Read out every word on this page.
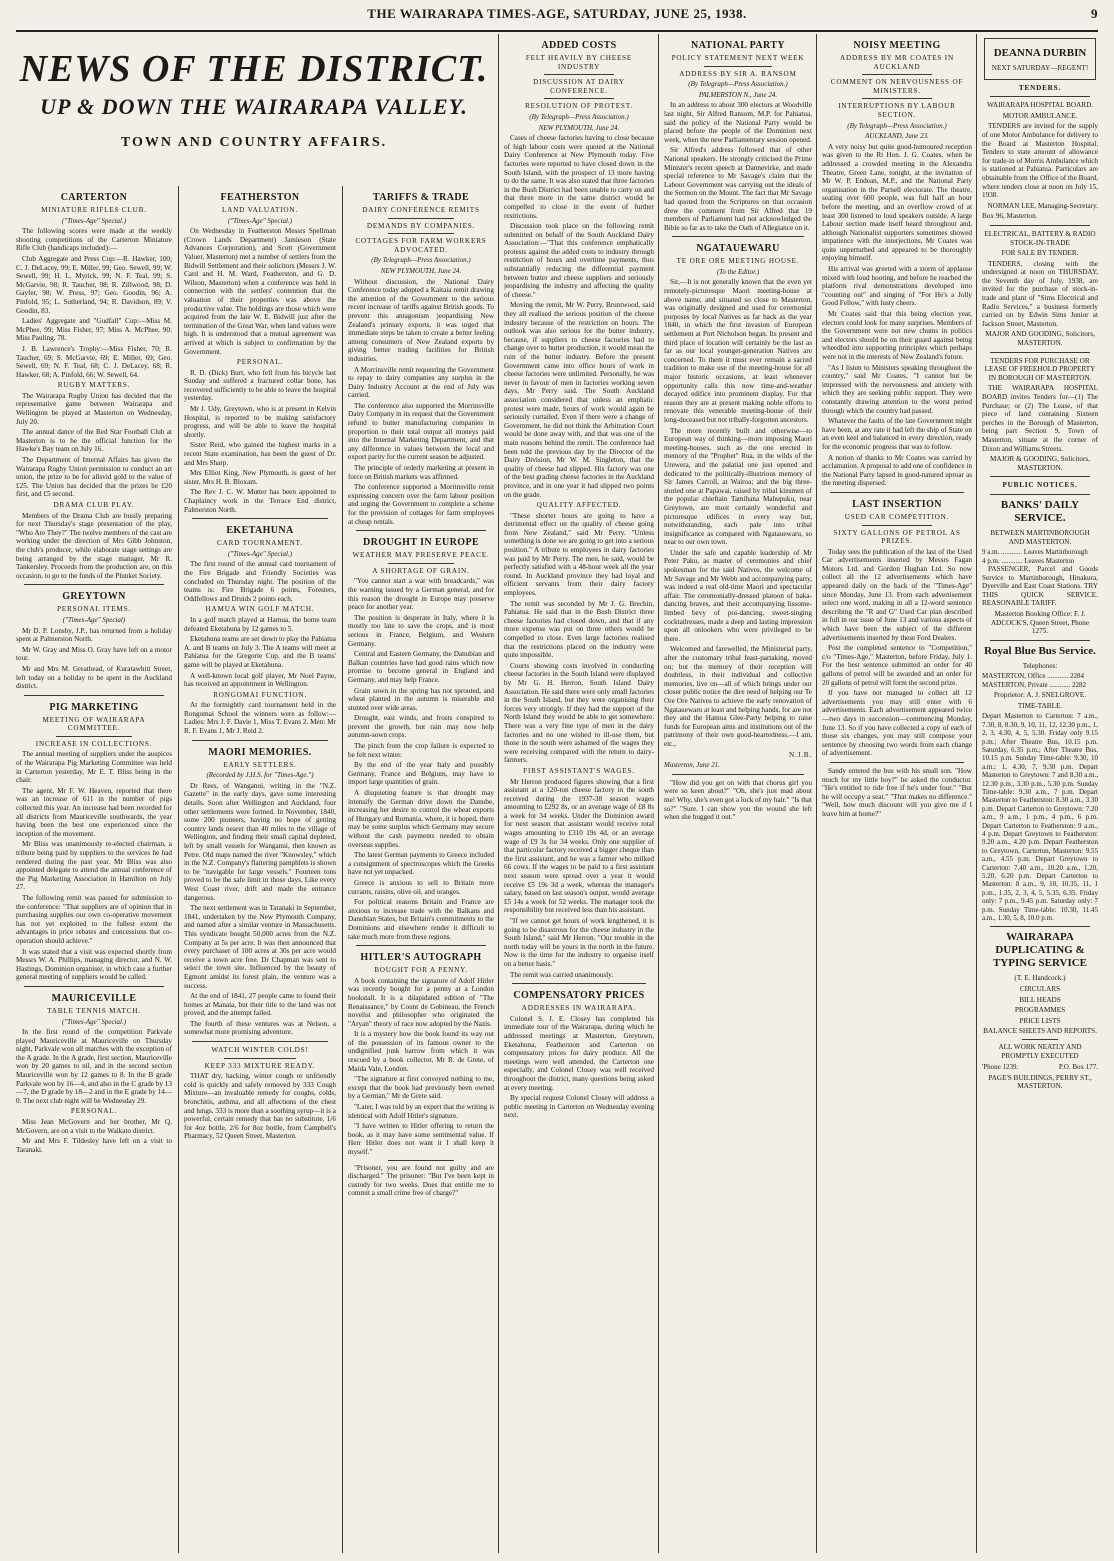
THE WAIRARAPA TIMES-AGE, SATURDAY, JUNE 25, 1938.	9
NEWS OF THE DISTRICT.
UP & DOWN THE WAIRARAPA VALLEY.
TOWN AND COUNTRY AFFAIRS.
CARTERTON
MINIATURE RIFLES CLUB.
("Times-Age" Special.)

The following scores were made at the weekly shooting competitions of the Carterton Miniature Rifle Club (handicaps included):—

Club Aggregate and Press Cup:—R. Hawker, 100; C. J. DeLacey, 99; E. Miller, 99; Geo. Sewell, 99; W. Sewell, 99; H. L. Myrick, 99; N. F. Teal, 99; S. McGarvie, 98; R. Taucher, 98; R. Zillwood, 98; D. Gayfer, 98; W. Press, 97; Geo. Goodin, 96; A. Pinfold, 95; L. Sutherland, 94; R. Davidson, 89; V. Goodin, 83.

Ladies' Aggregate and "Gudfall" Cup:—Miss M. McPhee, 99; Miss Fisher, 97; Miss A. McPhee, 90; Miss Pauling, 78.

J. B. Lawrence's Trophy:—Miss Fisher, 70; R. Taucher, 69; S. McGarvie, 69; E. Miller, 69; Geo. Sewell, 69; N. F. Teal, 68; C. J. DeLacey, 68; R. Hawker, 68; A. Pinfold, 66; W. Sewell, 64.

RUGBY MATTERS.

The Wairarapa Rugby Union has decided that the representative game between Wairarapa and Wellington be played at Masterton on Wednesday, July 20.

The annual dance of the Red Star Football Club at Masterton is to be the official function for the Hawke's Bay team on July 16.

The Department of Internal Affairs has given the Wairarapa Rugby Union permission to conduct an art union, the prize to be for allsvid gold to the value of £25. The Union has decided that the prizes be £20 first, and £5 second.

DRAMA CLUB PLAY.

Members of the Drama Club are busily preparing for next Thursday's stage presentation of the play, "Who Are They?" The twelve members of the cast are working under the direction of Mrs Gibb Johnston, the club's producer, while elaborate stage settings are being arranged by the stage manager, Mr R. Tankersley. Proceeds from the production are, on this occasion, to go to the funds of the Plunket Society.

GREYTOWN
PERSONAL ITEMS.
("Times-Age" Special)

Mr D. P. Lonsby, J.P., has returned from a holiday spent at Palmerston North.

Mr W. Gray and Miss O. Gray have left on a motor tour.

Mr and Mrs M. Greathead, of Kuratawhiti Street, left today on a holiday to be spent in the Auckland district.

PIG MARKETING
MEETING OF WAIRARAPA COMMITTEE.
INCREASE IN COLLECTIONS.

The annual meeting of suppliers under the auspices of the Wairarapa Pig Marketing Committee was held in Carterton yesterday, Mr E. T. Bliss being in the chair.

The agent, Mr F. W. Heaven, reported that there was an increase of 611 in the number of pigs collected this year. An increase had been recorded for all districts from Mauriceville southwards, the year having been the best one experienced since the inception of the movement.

Mr Bliss was unanimously re-elected chairman, a tribute being paid by suppliers to the services he had rendered during the past year. Mr Bliss was also appointed delegate to attend the annual conference of the Pig Marketing Association in Hamilton on July 27.

The following remit was passed for submission to the conference: "That suppliers are of opinion that in purchasing supplies our own co-operative movement has not yet exploited to the fullest extent the advantages in price rebates and concessions that co-operation should achieve."

It was stated that a visit was expected shortly from Messrs W. A. Phillips, managing director, and N. W. Hastings, Dominion organiser, in which case a further general meeting of suppliers would be called.

MAURICEVILLE
TABLE TENNIS MATCH.
("Times-Age" Special.)

In the first round of the competition Parkvale played Mauriceville at Mauriceville on Thursday night, Parkvale won all matches with the exception of the A grade. In the A grade, first section, Mauriceville won by 20 games to nil, and in the second section Mauriceville won by 12 games to 8. In the B grade Parkvale won by 16—4, and also in the C grade by 13—7, the D grade by 18—2 and in the E grade by 14—0. The next club night will be Wednesday 29.

PERSONAL.

Miss Jean McGovern and her brother, Mr Q. McGovern, are on a visit to the Waikato district.

Mr and Mrs F. Tildesley have left on a visit to Taranaki.

FEATHERSTON
LAND VALUATION.
("Times-Age" Special.)

On Wednesday in Featherston Messrs Spellman (Crown Lands Department) Jamieson (State Advances Corporation), and Scott (Government Valuer, Masterton) met a number of settlers from the Bidwill Settlement and their solicitors (Messrs J. W. Card and H. M. Ward, Featherston, and G. D. Wilson, Masterton) when a conference was held in connection with the settlers' contention that the valuation of their properties was above the productive value. The holdings are those which were acquired from the late W. E. Bidwill just after the termination of the Great War, when land values were high. It is understood that a mutual agreement was arrived at which is subject to confirmation by the Government.

PERSONAL.

R. D. (Dick) Burt, who fell from his bicycle last Sunday and suffered a fractured collar bone, has recovered sufficiently to be able to leave the hospital yesterday.

Mr J. Udy, Greytown, who is at present in Kelvin Hospital, is reported to be making satisfactory progress, and will be able to leave the hospital shortly.

Sister Reid, who gained the highest marks in a recent State examination, has been the guest of Dr. and Mrs Sharp.

Mrs Elliot King, New Plymouth, is guest of her sister, Mrs H. B. Bloxam.

The Rev J. C. W. Mutter has been appointed to Chaplaincy work in the Terrace End district, Palmerston North.

EKETAHUNA
CARD TOURNAMENT.
("Times-Age" Special.)

The first round of the annual card tournament of the Fire Brigade and Friendly Societies was concluded on Thursday night. The position of the teams is: Fire Brigade 6 points, Foresters, Oddfellows and Druids 2 points each.

HAMUA WIN GOLF MATCH.

In a golf match played at Hamua, the home team defeated Eketahuna by 12 games to 5.

Eketahuna teams are set down to play the Pahiatua A. and B teams on July 3. The A teams will meet at Pahiatua for the Gregorie Cup, and the B teams' game will be played at Eketahuna.

A well-known local golf player, Mr Noel Payne, has received an appointment in Wellington.

RONGOMAI FUNCTION.

At the fortnightly card tournament held in the Rongomai School the winners were as follow:—Ladies: Mrs J. F. Davie 1, Miss T. Evans 2. Men: Mr R. F. Evans 1, Mr J. Reid 2.

MAORI MEMORIES.
EARLY SETTLERS.
(Recorded by J.H.S. for "Times-Age.")

Dr Rees, of Wanganui, writing in the "N.Z. Gazette" in the early days, gave some interesting details. Soon after Wellington and Auckland, four other settlements were formed. In November, 1840, some 200 pioneers, having no hope of getting country lands nearer than 40 miles to the village of Wellington, and finding their small capital depleted, left by small vessels for Wanganui, then known as Petre. Old maps named the river "Knowsley," which in the N.Z. Company's flattering pamphlets is shown to be "navigable for large vessels." Fourteen tons proved to be the safe limit in those days. Like every West Coast river, drift and made the entrance dangerous.

The next settlement was in Taranaki in September, 1841, undertaken by the New Plymouth Company, and named after a similar venture in Massachusetts. This syndicate bought 50,000 acres from the N.Z. Company at 5s per acre. It was then announced that every purchaser of 100 acres at 30s per acre would receive a town acre free. Dr Chapman was sent to select the town site. Influenced by the beauty of Egmont amidst its forest plain, the venture was a success.

At the end of 1841, 27 people came to found their homes at Manaia, but their title to the land was not proved, and the attempt failed.

The fourth of these ventures was at Nelson, a somewhat more promising adventure.

WATCH WINTER COLDS!
KEEP 333 MIXTURE READY.

THAT dry, hacking, winter cough or unfriendly cold is quickly and safely removed by 333 Cough Mixture—an invaluable remedy for coughs, colds, bronchitis, asthma, and all affections of the chest and lungs. 333 is more than a soothing syrup—it is a powerful, certain remedy that has no substitute. 1/6 for 4oz bottle, 2/6 for 8oz bottle, from Campbell's Pharmacy, 52 Queen Street, Masterton.

TARIFFS & TRADE
DAIRY CONFERENCE REMITS
DEMANDS BY COMPANIES.
COTTAGES FOR FARM WORKERS ADVOCATED.
(By Telegraph—Press Association.)
NEW PLYMOUTH, June 24.

Without discussion, the National Dairy Conference today adopted a Kaitaia remit drawing the attention of the Government to the serious recent increase of tariffs against British goods. To prevent this antagonism jeopardising New Zealand's primary exports, it was urged that immediate steps be taken to create a better feeling among consumers of New Zealand exports by giving better trading facilities for British industries.

A Morrinsville remit requesting the Government to repay to dairy companies any surplus in the Dairy Industry Account at the end of July was carried.

The conference also supported the Morrinsville Dairy Company in its request that the Government refund to butter manufacturing companies in proportion to their total output all moneys paid into the Internal Marketing Department, and that any difference in values between the local and export parity for the current season be adjusted.

The principle of orderly marketing at present in force on British markets was affirmed.

The conference supported a Morrinsville remit expressing concern over the farm labour position and urging the Government to complete a scheme for the provision of cottages for farm employees at cheap rentals.

DROUGHT IN EUROPE
WEATHER MAY PRESERVE PEACE.
A SHORTAGE OF GRAIN.

"You cannot start a war with breadcards," was the warning issued by a German general, and for this reason the drought in Europe may preserve peace for another year.

The position is desperate in Italy, where it is mostly too late to save the crops, and is most serious in France, Belgium, and Western Germany.

Central and Eastern Germany, the Danubian and Balkan countries have had good rains which now promise to become general in England and Germany, and may help France.

Grain sown in the spring has not sprouted, and wheat planted in the autumn is miserable and stunted over wide areas.

Drought, east winds, and frosts conspired to prevent the growth, but rain may now help autumn-sown crops.

The pinch from the crop failure is expected to be felt next winter.

By the end of the year Italy and possibly Germany, France and Belgium, may have to import large quantities of grain.

A disquieting feature is that drought may intensify the German drive down the Danube, increasing her desire to control the wheat exports of Hungary and Rumania, where, it is hoped, there may be some surplus which Germany may secure without the cash payments needed to obtain overseas supplies.

The latest German payments to Greece included a consignment of spectroscopes which the Greeks have not yet unpacked.

Greece is anxious to sell to Britain more currants, raisins, olive oil, and oranges.

For political reasons Britain and France are anxious to increase trade with the Balkans and Danubian States, but Britain's commitments to the Dominions and elsewhere render it difficult to take much more from these regions.

HITLER'S AUTOGRAPH
BOUGHT FOR A PENNY.

A book containing the signature of Adolf Hitler was recently bought for a penny at a London bookstall. It is a dilapidated edition of "The Renaissance," by Count de Gobineau, the French novelist and philosopher who originated the "Aryan" theory of race now adopted by the Nazis.

It is a mystery how the book found its way out of the possession of its famous owner to the undignified junk barrow from which it was rescued by a book collector, Mr R. de Grete, of Maida Vale, London.

"The signature at first conveyed nothing to me, except that the book had previously been owned by a German," Mr de Grete said.

"Later, I was told by an expert that the writing is identical with Adolf Hitler's signature.

"I have written to Hitler offering to return the book, as it may have some sentimental value. If Herr Hitler does not want it I shall keep it myself."

"Prisoner, you are found not guilty and are discharged." The prisoner: "But I've been kept in custody for two weeks. Does that entitle me to commit a small crime free of charge?"

ADDED COSTS
FELT HEAVILY BY CHEESE INDUSTRY
DISCUSSION AT DAIRY CONFERENCE.
RESOLUTION OF PROTEST.
(By Telegraph—Press Association.)
NEW PLYMOUTH, June 24.

Cases of cheese factories having to close because of high labour costs were quoted at the National Dairy Conference at New Plymouth today. Five factories were reported to have closed down in the South Island, with the prospect of 13 more having to do the same. It was also stated that three factories in the Bush District had been unable to carry on and that three more in the same district would be compelled to close in the event of further restrictions.

Discussion took place on the following remit submitted on behalf of the South Auckland Dairy Association:—"That this conference emphatically protests against the added costs to industry through restriction of hours and overtime payments, thus substantially reducing the differential payment between butter and cheese suppliers and seriously jeopardising the industry and affecting the quality of cheese."

Moving the remit, Mr W. Perry, Bruntwood, said they all realised the serious position of the cheese industry because of the restriction on hours. The outlook was also serious for the butter industry, because, if suppliers to cheese factories had to change over to butter production, it would mean the ruin of the butter industry. Before the present Government came into office hours of work in cheese factories were unlimited. Personally, he was never in favour of men in factories working seven days, Mr Perry said. The South Auckland association considered that unless an emphatic protest were made, hours of work would again be seriously curtailed. Even if there were a change of Government, he did not think the Arbitration Court would be done away with, and that was one of the main reasons behind the remit. The conference had been told the previous day by the Director of the Dairy Division, Mr W. M. Singleton, that the quality of cheese had slipped. His factory was one of the best grading cheese factories in the Auckland province, and in one year it had slipped two points on the grade.

QUALITY AFFECTED.

"These shorter hours are going to have a detrimental effect on the quality of cheese going from New Zealand," said Mr Perry. "Unless something is done we are going to get into a serious position." A tribute to employees in dairy factories was paid by Mr Perry. The men, he said, would be perfectly satisfied with a 48-hour week all the year round. In Auckland province they had loyal and efficient servants from their dairy factory employees.

The remit was seconded by Mr J. G. Brechin, Pahiatua. He said that in the Bush District three cheese factories had closed down, and that if any more expense was put on three others would be compelled to close. Even large factories realised that the restrictions placed on the industry were quite impossible.

Courts showing costs involved in conducting cheese factories in the South Island were displayed by Mr G. H. Herron, South Island Dairy Association. He said there were only small factories in the South Island, but they were organising their forces very strongly. If they had the support of the North Island they would be able to get somewhere. There was a very fine type of men in the dairy factories and no one wished to ill-use them, but those in the south were ashamed of the wages they were receiving compared with the return to dairy-farmers.

FIRST ASSISTANT'S WAGES.

Mr Herron produced figures showing that a first assistant at a 120-ton cheese factory in the south received during the 1937-38 season wages amounting to £292 8s, or an average wage of £8 8s a week for 34 weeks. Under the Dominion award for next season that assistant would receive total wages amounting to £310 19s 4d, or an average wage of £9 3s for 34 weeks. Only one supplier of that particular factory received a bigger cheque than the first assistant, and he was a farmer who milked 66 cows. If the wages to be paid to a first assistant next season were spread over a year it would receive £5 19s 3d a week, whereas the manager's salary, based on last season's output, would average £5 14s a week for 52 weeks. The manager took the responsibility but received less than his assistant.

"If we cannot get hours of work lengthened, it is going to be disastrous for the cheese industry in the South Island," said Mr Herron. "Our trouble in the north today will be yours in the north in the future. Now is the time for the industry to organise itself on a better basis."

The remit was carried unanimously.

COMPENSATORY PRICES
ADDRESSES IN WAIRARAPA.

Colonel S. J. E. Closey has completed his immediate tour of the Wairarapa, during which he addressed meetings at Masterton, Greytown, Eketahuna, Featherston and Carterton on compensatory prices for dairy produce. All the meetings were well attended, the Carterton one especially, and Colonel Closey was well received throughout the district, many questions being asked at every meeting.

By special request Colonel Closey will address a public meeting in Carterton on Wednesday evening next.

NATIONAL PARTY
POLICY STATEMENT NEXT WEEK
ADDRESS BY SIR A. RANSOM
(By Telegraph—Press Association.)
PALMERSTON N., June 24.

In an address to about 300 electors at Woodville last night, Sir Alfred Ransom, M.P. for Pahiatua, said the policy of the National Party would be placed before the people of the Dominion next week, when the new Parliamentary session opened.

Sir Alfred's address followed that of other National speakers. He strongly criticised the Prime Minister's recent speech at Dannevirke, and made special reference to Mr Savage's claim that the Labour Government was carrying out the ideals of the Sermon on the Mount. The fact that Mr Savage had quoted from the Scriptures on that occasion drew the comment from Sir Alfred that 19 members of Parliament had not acknowledged the Bible so far as to take the Oath of Allegiance on it.

NGATAUEWARU
TE ORE ORE MEETING HOUSE.
(To the Editor.)

Sir,—It is not generally known that the even yet remotely-picturesque Maori meeting-house at above name, and situated so close to Masterton, was originally designed and used for ceremonial purposes by local Natives as far back as the year 1840, in which the first invasion of European settlement at Port Nicholson began. Its present and third place of location will certainly be the last as far as our local younger-generation Natives are concerned. To them it must ever remain a sacred tradition to make use of the meeting-house for all major historic occasions, at least whenever opportunity calls this now time-and-weather decayed edifice into prominent display. For that reason they are at present making noble efforts to renovate this venerable meeting-house of their long-deceased but not tribally-forgotten ancestors.

The more recently built and otherwise—to European way of thinking—more imposing Maori meeting-houses, such as the one erected in memory of the "Prophet" Rua, in the wilds of the Urewera, and the palatial one just opened and dedicated to the politically-illustrious memory of Sir James Carroll, at Wairoa; and the big three-storied one at Papawai, raised by tribal kinsmen of the popular chieftain Tamihana Mahupuku, near Greytown, are most certainly wonderful and picturesque edifices in every way but, notwithstanding, each pale into tribal insignificance as compared with Ngatauewaru, so near to our own town.

Under the safe and capable leadership of Mr Peter Paku, as master of ceremonies and chief spokesman for the said Natives, the welcome of Mr Savage and Mr Webb and accompanying party, was indeed a real old-time Maori and spectacular affair. The ceremonially-dressed platoon of haka-dancing braves, and their accompanying lissome-limbed bevy of poi-dancing, sweet-singing cocktailresses, made a deep and lasting impression upon all onlookers who were privileged to be there.

Welcomed and farewelled, the Ministerial party, after the customary tribal feast-partaking, moved on; but the memory of their reception will doubtless, in their individual and collective memories, live on—all of which brings under our closer public notice the dire need of helping our Te Ore Ore Natives to achieve the early renovation of Ngatauewaru at least and helping hands, for are not they and the Hamua Glee-Party helping to raise funds for European aims and institutions out of the patrimony of their own good-heartedness.—I am, etc.,

N.J.B.
Masterton, June 21.

"How did you get on with that chorus girl you were so keen about?" "Oh, she's just mad about me! Why, she's even got a lock of my hair." "Is that so?" "Sure. I can show you the wound she left when she hugged it out."

NOISY MEETING
ADDRESS BY MR COATES IN AUCKLAND
COMMENT ON NERVOUSNESS OF MINISTERS.
INTERRUPTIONS BY LABOUR SECTION.
(By Telegraph—Press Association.)
AUCKLAND, June 23.

A very noisy but quite good-humoured reception was given to the Rt Hon. J. G. Coates, when he addressed a crowded meeting in the Alexandra Theatre, Green Lane, tonight, at the invitation of Mr W. P. Endean, M.P., and the National Party organisation in the Parnell electorate. The theatre, seating over 600 people, was full half an hour before the meeting, and an overflow crowd of at least 300 listened to loud speakers outside. A large Labour section made itself heard throughout and, although Nationalist supporters sometimes showed impatience with the interjections, Mr Coates was quite unperturbed and appeared to be thoroughly enjoying himself.

His arrival was greeted with a storm of applause mixed with loud hooting, and before he reached the platform rival demonstrations developed into "counting out" and singing of "For He's a Jolly Good Fellow," with lusty cheers.

Mr Coates said that this being election year, electors could look for many surprises. Members of the Government were not new chums in politics and electors should be on their guard against being wheedled into supporting principles which perhaps were not in the interests of New Zealand's future.

"As I listen to Ministers speaking throughout the country," said Mr Coates, "I cannot but be impressed with the nervousness and anxiety with which they are seeking public support. They were constantly drawing attention to the worst period through which the country had passed.

Whatever the faults of the late Government might have been, at any rate it had left the ship of State on an even keel and balanced in every direction, ready for the economic progress that was to follow.

A notion of thanks to Mr Coates was carried by acclamation. A proposal to add one of confidence in the National Party lapsed in good-natured uproar as the meeting dispersed.

LAST INSERTION
USED CAR COMPETITION.
SIXTY GALLONS OF PETROL AS PRIZES.

Today sees the publication of the last of the Used Car advertisements inserted by Messrs Fagan Motors Ltd. and Gordon Hughan Ltd. So now collect all the 12 advertisements which have appeared daily on the back of the "Times-Age" since Monday, June 13. From each advertisement select one word, making in all a 12-word sentence describing the "R and G" Used Car plan described in full in our issue of June 13 and various aspects of which have been the subject of the different advertisements inserted by these Ford Dealers.

Post the completed sentence to "Competition," c/o "Times-Age," Masterton, before Friday, July 1. For the best sentence submitted an order for 40 gallons of petrol will be awarded and an order for 20 gallons of petrol will form the second prize.

If you have not managed to collect all 12 advertisements you may still enter with 6 advertisements. Each advertisement appeared twice—two days in succession—commencing Monday, June 13. So if you have collected a copy of each of those six changes, you may still compose your sentence by choosing two words from each change of advertisement.

Sandy entered the bus with his small son. "How much for my little boy?" he asked the conductor. "He's entitled to ride free if he's under four." "But he will occupy a seat." "That makes no difference." "Well, how much discount will you give me if I leave him at home?"

DEANNA DURBIN
NEXT SATURDAY—REGENT!
TENDERS.
WAIRARAPA HOSPITAL BOARD.
MOTOR AMBULANCE.

TENDERS are invited for the supply of one Motor Ambulance for delivery to the Board at Masterton Hospital. Tenders to state amount of allowance for trade-in of Morris Ambulance which is stationed at Pahiatua. Particulars are obtainable from the Office of the Board, where tenders close at noon on July 15, 1938.

NORMAN LEE, Managing-Secretary.
Box 96, Masterton.
ELECTRICAL, BATTERY & RADIO STOCK-IN-TRADE
FOR SALE BY TENDER.

TENDERS, closing with the undersigned at noon on THURSDAY, the Seventh day of July, 1938, are invited for the purchase of stock-in-trade and plant of "Sims Electrical and Radio Services," a business formerly carried on by Edwin Sims Junior at Jackson Street, Masterton.

MAJOR AND GOODING, Solicitors, MASTERTON.
TENDERS FOR PURCHASE OR LEASE OF FREEHOLD PROPERTY IN BOROUGH OF MASTERTON.

THE WAIRARAPA HOSPITAL BOARD invites Tenders for—(1) The Purchase; or (2) The Lease, of that piece of land containing Sixteen perches in the Borough of Masterton, being part Section 9, Town of Masterton, situate at the corner of Dixon and Williams Streets.

MAJOR & GOODING, Solicitors, MASTERTON.
PUBLIC NOTICES.
BANKS' DAILY SERVICE.
BETWEEN MARTINBOROUGH AND MASTERTON.
9 a.m. ............ Leaves Martinborough
4 p.m. ............ Leaves Masterton

PASSENGER, Parcel and Goods Service to Martinborough, Hinakura, Dyerville and East Coast Stations. TRY THIS QUICK SERVICE. REASONABLE TARIFF.

Masterton Booking Office: F. J. ADCOCK'S, Queen Street, Phone 1275.
Royal Blue Bus Service.
Telephones:
MASTERTON, Office ............ 2284
MASTERTON, Private ............ 2282
Proprietor: A. J. SNELGROVE.
TIME-TABLE.
Depart Masterton to Carterton: 7 a.m., 7.30, 8, 8.30, 9, 10, 11, 12, 12.30 p.m., 1, 2, 3, 4.30, 4, 5, 5.30. Friday only 9.15 p.m.; After Theatre Bus, 10.15 p.m. Saturday, 6.35 p.m.; After Theatre Bus, 10.15 p.m. Sunday Time-table: 9.30, 10 a.m.; 1, 4.30, 7, 9.30 p.m. Depart Masterton to Greytown: 7 and 8.30 a.m., 12.30 p.m., 3.30 p.m., 5.30 p.m. Sunday Time-table: 9.30 a.m., 7 p.m. Depart Masterton to Featherston: 8.30 a.m., 3.30 p.m. Depart Carterton to Greytown: 7.20 a.m., 9 a.m., 1 p.m., 4 p.m., 6 p.m. Depart Carterton to Featherston: 9 a.m., 4 p.m. Depart Greytown to Featherston: 9.20 a.m., 4.20 p.m. Depart Featherston to Greytown, Carterton, Masterton: 9.55 a.m., 4.55 p.m. Depart Greytown to Carterton: 7.40 a.m., 10.20 a.m., 1.20, 5.20, 6.20 p.m. Depart Carterton to Masterton: 8 a.m., 9, 10, 10.35, 11, 1 p.m., 1.35, 2, 3, 4, 5, 5.35, 6.35. Friday only: 7 p.m., 9.45 p.m. Saturday only: 7 p.m. Sunday Time-table: 10.30, 11.45 a.m., 1.30, 5, 8, 10.0 p.m.
WAIRARAPA DUPLICATING & TYPING SERVICE
(T. E. Handcock.)
CIRCULARS
BILL HEADS
PROGRAMMES
PRICE LISTS
BALANCE SHEETS AND REPORTS.
ALL WORK NEATLY AND PROMPTLY EXECUTED
'Phone 1239.	P.O. Box 177.
PAGE'S BUILDINGS, PERRY ST., MASTERTON.
